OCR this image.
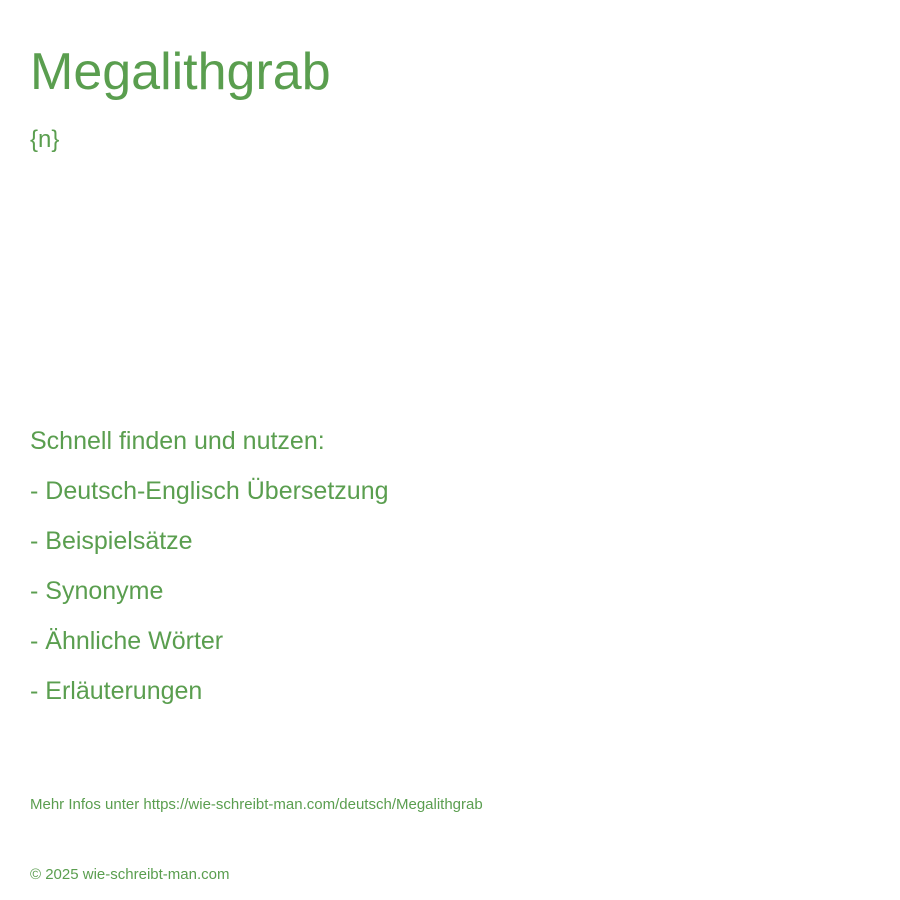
Megalithgrab
{n}
Schnell finden und nutzen:
- Deutsch-Englisch Übersetzung
- Beispielsätze
- Synonyme
- Ähnliche Wörter
- Erläuterungen
Mehr Infos unter https://wie-schreibt-man.com/deutsch/Megalithgrab
© 2025 wie-schreibt-man.com
